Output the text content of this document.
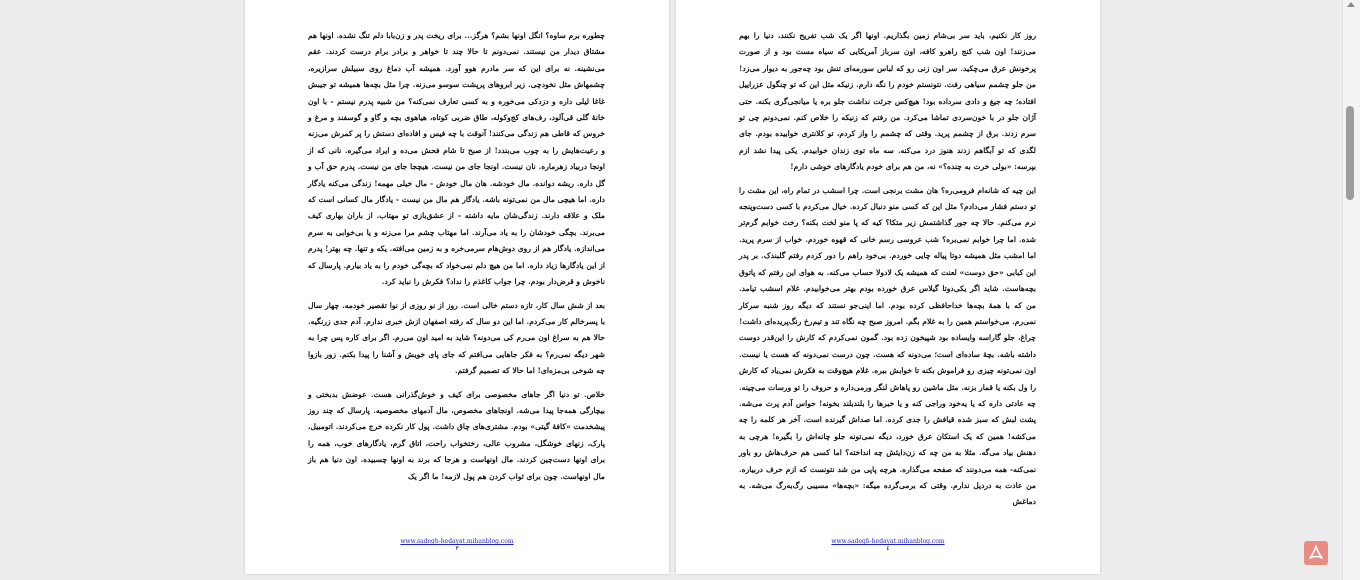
چطوره برم ساوه؟ انگل اونها بشم؟ هرگز... برای ریخت پدر و زن‌بابا دلم تنگ نشده. اونها هم مشتاق دیدار من نیستند. نمی‌دونم تا حالا چند تا خواهر و برادر برام درست کردند. عقم می‌نشینه. نه برای این که سر مادرم هوو آورد. همیشه آب دماغ روی سبیلش سرازیره، چشمهاش مثل نخودچی. زیر ابروهای پرپشت سوسو می‌زنه. چرا مثل بچه‌ها همیشه تو جیبش غاغا لیلی داره و دزدکی می‌خوره و به کسی تعارف نمی‌کنه؟ من شبیه پدرم نیستم - با اون خانۀ گلی قی‌آلود، رف‌های کج‌وکوله، طاق ضربی کوتاه، هیاهوی بچه و گاو و گوسفند و مرغ و خروس که قاطی هم زندگی می‌کنند! آنوقت با چه فیس و افاده‌ای دستش را پر کمرش می‌زنه و رعیت‌هایش را به چوب می‌بندد! از صبح تا شام فحش می‌ده و ایراد می‌گیره. نانی که از اونجا دربیاد زهرماره. نان نیست. اونجا جای من نیست. هیچجا جای من نیست. پدرم حق آب و گل داره. ریشه دوانده. مال خودشه. هان مال خودش - مال خیلی مهمه! زندگی می‌کنه یادگار داره. اما هیچی مال من نمی‌تونه باشه. یادگار هم مال من نیست - یادگار مال کسانی است که ملک و علاقه دارند. زندگی‌شان مایه داشته - از عشق‌بازی تو مهتاب. از باران بهاری کیف می‌برند. بچگی خودشان را به یاد می‌آرند. اما مهتاب چشم مرا می‌زنه و یا بی‌خوابی به سرم می‌اندازه. یادگار هم از روی دوش‌هام سرمی‌خره و به زمین می‌افته. یکه و تنها. چه بهتر! پدرم از این یادگارها زیاد داره. اما من هیچ دلم نمی‌خواد که بچه‌گی خودم را به یاد بیارم. پارسال که ناخوش و قرض‌دار بودم. چرا جواب کاغذم را نداد؟ فکرش را نباید کرد.

بعد از شش سال کار، تازه دستم خالی است. روز از نو روزی از نوا تقصیر خودمه. چهار سال با پسرخالم کار می‌کردم. اما این دو سال که رفته اصفهان ازش خبری ندارم. آدم جدی زرنگیه. حالا هم به سراغ اون می‌رم کی می‌دونه؟ شاید به امید اون می‌رم. اگر برای کاره پس چرا به شهر دیگه نمی‌رم؟ به فکر جاهایی می‌افتم که جای پای خویش و آشنا را پیدا بکنم. زور بازوا چه شوخی بی‌مزه‌ای! اما حالا که تصمیم گرفتم.

خلاص. تو دنیا اگر جاهای مخصوصی برای کیف و خوش‌گذرانی هست. عوضش بدبختی و بیچارگی همه‌جا پیدا می‌شه. اونجاهای مخصوص، مال آدمهای مخصوصیه. پارسال که چند روز پیشخدمت «کافۀ گیتی» بودم. مشتری‌های چاق داشت. پول کار نکرده خرج می‌کردند. اتومبیل، پارک، زنهای خوشگل، مشروب عالی، رختخواب راحت، اتاق گرم، یادگارهای خوب، همه را برای اونها دست‌چین کردند. مال اونهاست و هرجا که برند به اونها چسبیده. اون دنیا هم باز مال اونهاست. چون برای ثواب کردن هم پول لازمه! ما اگر یک

www.sadegh-hedayat.mihanblog.com
٣

روز کار نکنیم، باید سر بی‌شام زمین بگذاریم. اونها اگر یک شب تفریح نکنند، دنیا را بهم می‌زنند! اون شب کنج راهرو کافه، اون سرباز آمریکایی که سیاه مست بود و از صورت پرخونش عرق می‌چکید. سر اون زنی رو که لباس سورمه‌ای تنش بود چه‌جور به دیوار می‌زد! من جلو چشمم سیاهی رفت. نتونستم خودم را نگه دارم. زنیکه مثل این که تو چنگول عزراییل افتاده؛ چه جیغ و دادی سرداده بود! هیچ‌کس جرئت نداشت جلو بره یا میانجی‌گری بکنه. حتی آژان جلو در با خون‌سردی تماشا می‌کرد. من رفتم که زنیکه را خلاص کنم. نمی‌دونم چی تو سرم زدند. برق از چشمم پرید. وقتی که چشمم را واز کردم، تو کلانتری خوابیده بودم. جای لگدی که تو آبگاهم زدند هنوز درد می‌کنه. سه ماه توی زندان خوابیدم. یکی پیدا نشد ازم بپرسه: «بولی خرت به چنده؟» نه، من هم برای خودم یادگارهای خوشی دارم!

این چیه که شانه‌ام فرومی‌ره؟ هان مشت برنجی است. چرا اسشب در تمام راه، این مشت را تو دستم فشار می‌دادم؟ مثل این که کسی منو دنبال کرده. خیال می‌کردم با کسی دست‌وپنجه نرم می‌کنم. حالا چه جور گذاشتمش زیر متکا؟ کیه که پا منو لخت بکنه؟ رخت خوابم گرم‌تر شده. اما چرا خوابم نمی‌بره؟ شب عروسی رسم خانی که قهوه خوردم. خواب از سرم پرید. اما امشب مثل همیشه دوتا پیاله چایی خوردم. بی‌خود راهم را دور کردم رفتم گلبندک. بر پدر این کبابی «حق دوست» لعنت که همیشه یک لادولا حساب می‌کنه. به هوای این رفتم که پاتوق بچه‌هاست. شاید اگر یکی‌دوتا گیلاس عرق خورده بودم بهتر می‌خوابیدم. غلام اسشب تیامد. من که با همۀ بچه‌ها خداحافظی کرده بودم. اما اینی‌جو نستند که دیگه روز شنبه سرکار نمی‌رم. می‌خواستم همین را به غلام بگم. امروز صبح چه نگاه تند و تیم‌رخ رنگ‌پریده‌ای داشت! چراغ، جلو گاراسه وایساده بود شپیخون زده بود. گمون نمی‌کردم که کارش را این‌قدر دوست داشته باشه. بچۀ ساده‌ای است؛ می‌دونه که هست. چون درست نمی‌دونه که هست یا نیست. اون نمی‌تونه چیزی رو فراموش بکنه تا خوابش ببره. غلام هیچ‌وقت به فکرش نمی‌یاد که کارش را ول بکنه یا قمار بزنه. مثل ماشین رو پاهاش لنگر ورمی‌داره و حروف را تو ورسات می‌چینه. چه عادتی داره که یا یه‌خود وراجی کنه و یا خبرها را بلندبلند بخونه! حواس آدم پرت می‌شه. پشت لبش که سبز شده قیافش را جدی کرده. اما صداش گیرنده است. آخر هر کلمه را چه می‌کشه! همین که یک استکان عرق خورد، دیگه نمی‌تونه جلو چانه‌اش را بگیره! هرچی به دهنش بیاد می‌گه. مثلا به من چه که زن‌دایئش چه انداخته؟ اما کسی هم حرف‌هاش رو باور نمی‌کنه- همه می‌دونند که صفحه می‌گذاره. هرچه پاپی من شد نتونست که ازم حرف دربیاره. من عادت به دردیل ندارم. وقتی که برمی‌گرده میگه: «بچه‌ها» مسیبی رگ‌به‌رگ می‌شه. به دماغش

www.sadegh-hedayat.mihanblog.com
٤
